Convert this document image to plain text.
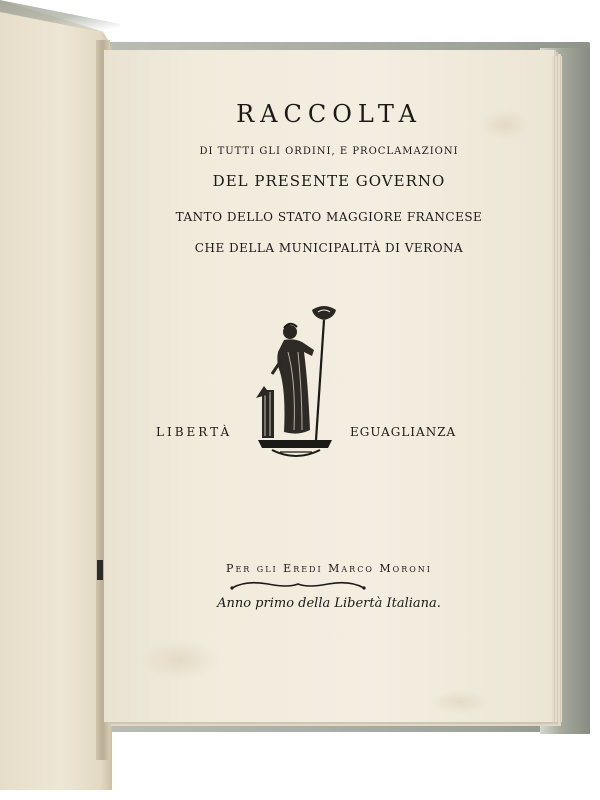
RACCOLTA
DI TUTTI GLI ORDINI, E PROCLAMAZIONI
DEL PRESENTE GOVERNO
TANTO DELLO STATO MAGGIORE FRANCESE
CHE DELLA MUNICIPALITÀ DI VERONA
LIBERTÀ	EGUAGLIANZA
Per gli Eredi Marco Moroni
Anno primo della Libertà Italiana.
